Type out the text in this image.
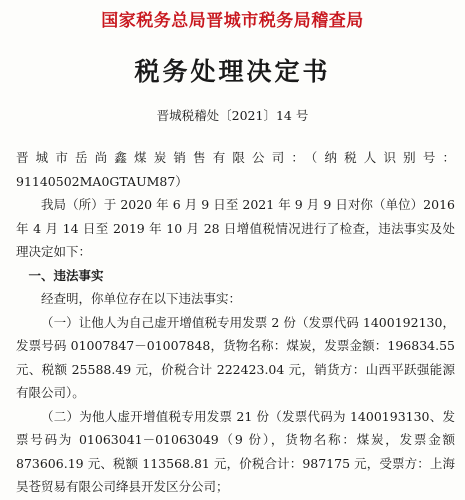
国家税务总局晋城市税务局稽查局
税务处理决定书
晋城税稽处〔2021〕14 号

晋城市岳尚鑫煤炭销售有限公司：（纳税人识别号：91140502MA0GTAUM87）

我局（所）于 2020 年 6 月 9 日至 2021 年 9 月 9 日对你（单位）2016 年 4 月 14 日至 2019 年 10 月 28 日增值税情况进行了检查，违法事实及处理决定如下：

一、违法事实

经查明，你单位存在以下违法事实：

（一）让他人为自己虚开增值税专用发票 2 份（发票代码 1400192130，发票号码 01007847－01007848，货物名称：煤炭，发票金额：196834.55 元、税额 25588.49 元，价税合计 222423.04 元，销货方：山西平跃强能源有限公司）。

（二）为他人虚开增值税专用发票 21 份（发票代码为 1400193130、发票号码为 01063041－01063049（9 份），货物名称：煤炭，发票金额 873606.19 元、税额 113568.81 元，价税合计：987175 元，受票方：上海昊苍贸易有限公司绛县开发区分公司；
